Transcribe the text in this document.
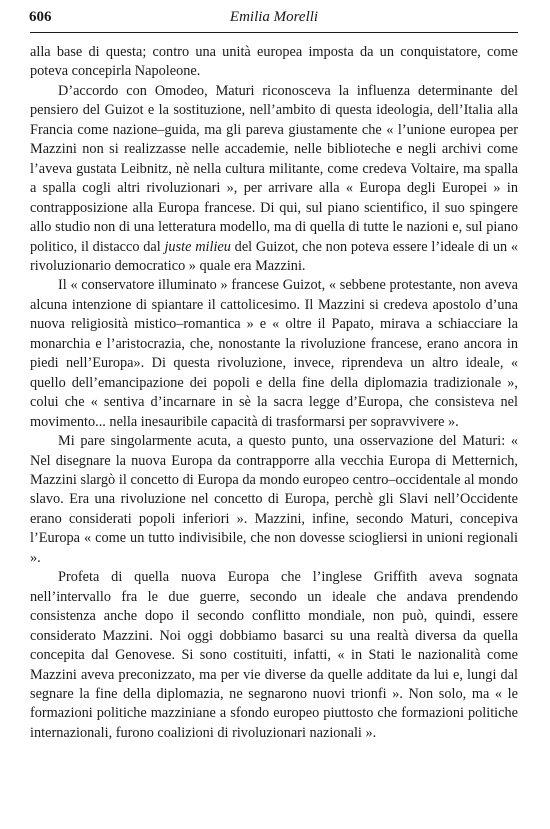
606	Emilia Morelli

alla base di questa; contro una unità europea imposta da un conquistatore, come poteva concepirla Napoleone.

D’accordo con Omodeo, Maturi riconosceva la influenza determinante del pensiero del Guizot e la sostituzione, nell’ambito di questa ideologia, dell’Italia alla Francia come nazione–guida, ma gli pareva giustamente che « l’unione europea per Mazzini non si realizzasse nelle accademie, nelle biblioteche e negli archivi come l’aveva gustata Leibnitz, nè nella cultura militante, come credeva Voltaire, ma spalla a spalla cogli altri rivoluzionari », per arrivare alla « Europa degli Europei » in contrapposizione alla Europa francese. Di qui, sul piano scientifico, il suo spingere allo studio non di una letteratura modello, ma di quella di tutte le nazioni e, sul piano politico, il distacco dal juste milieu del Guizot, che non poteva essere l’ideale di un « rivoluzionario democratico » quale era Mazzini.

Il « conservatore illuminato » francese Guizot, « sebbene protestante, non aveva alcuna intenzione di spiantare il cattolicesimo. Il Mazzini si credeva apostolo d’una nuova religiosità mistico–romantica » e « oltre il Papato, mirava a schiacciare la monarchia e l’aristocrazia, che, nonostante la rivoluzione francese, erano ancora in piedi nell’Europa». Di questa rivoluzione, invece, riprendeva un altro ideale, « quello dell’emancipazione dei popoli e della fine della diplomazia tradizionale », colui che « sentiva d’incarnare in sè la sacra legge d’Europa, che consisteva nel movimento... nella inesauribile capacità di trasformarsi per sopravvivere ».

Mi pare singolarmente acuta, a questo punto, una osservazione del Maturi: « Nel disegnare la nuova Europa da contrapporre alla vecchia Europa di Metternich, Mazzini slargò il concetto di Europa da mondo europeo centro–occidentale al mondo slavo. Era una rivoluzione nel concetto di Europa, perchè gli Slavi nell’Occidente erano considerati popoli inferiori ». Mazzini, infine, secondo Maturi, concepiva l’Europa « come un tutto indivisibile, che non dovesse sciogliersi in unioni regionali ».

Profeta di quella nuova Europa che l’inglese Griffith aveva sognata nell’intervallo fra le due guerre, secondo un ideale che andava prendendo consistenza anche dopo il secondo conflitto mondiale, non può, quindi, essere considerato Mazzini. Noi oggi dobbiamo basarci su una realtà diversa da quella concepita dal Genovese. Si sono costituiti, infatti, « in Stati le nazionalità come Mazzini aveva preconizzato, ma per vie diverse da quelle additate da lui e, lungi dal segnare la fine della diplomazia, ne segnarono nuovi trionfi ». Non solo, ma « le formazioni politiche mazziniane a sfondo europeo piuttosto che formazioni politiche internazionali, furono coalizioni di rivoluzionari nazionali ».
